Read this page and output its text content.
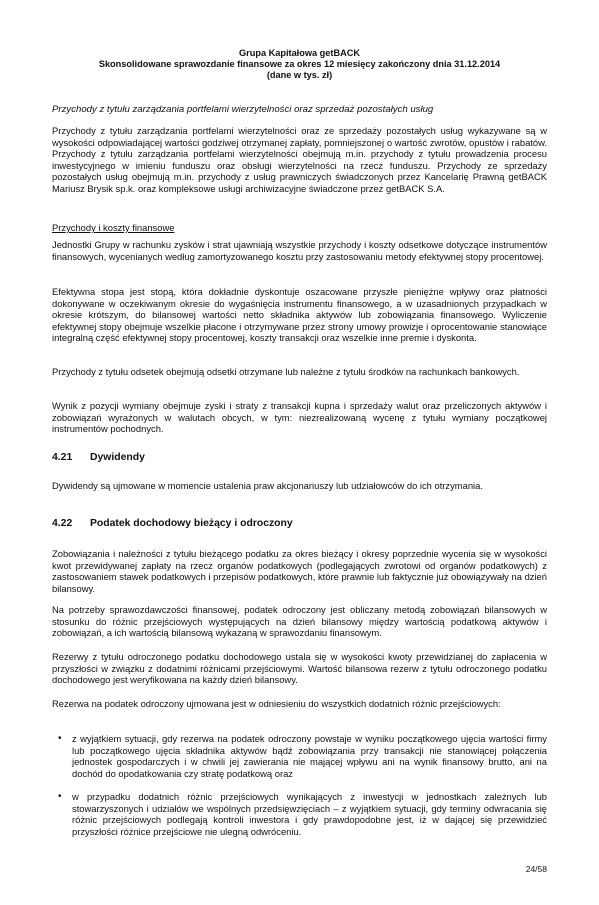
Grupa Kapitałowa getBACK
Skonsolidowane sprawozdanie finansowe za okres 12 miesięcy zakończony dnia 31.12.2014
(dane w tys. zł)
Przychody z tytułu zarządzania portfelami wierzytelności oraz sprzedaż pozostałych usług
Przychody z tytułu zarządzania portfelami wierzytelności oraz ze sprzedaży pozostałych usług wykazywane są w wysokości odpowiadającej wartości godziwej otrzymanej zapłaty, pomniejszonej o wartość zwrotów, opustów i rabatów. Przychody z tytułu zarządzania portfelami wierzytelności obejmują m.in. przychody z tytułu prowadzenia procesu inwestycyjnego w imieniu funduszu oraz obsługi wierzytelności na rzecz funduszu. Przychody ze sprzedaży pozostałych usług obejmują m.in. przychody z usług prawniczych świadczonych przez Kancelarię Prawną getBACK Mariusz Brysik sp.k. oraz kompleksowe usługi archiwizacyjne świadczone przez getBACK S.A.
Przychody i koszty finansowe
Jednostki Grupy w rachunku zysków i strat ujawniają wszystkie przychody i koszty odsetkowe dotyczące instrumentów finansowych, wycenianych według zamortyzowanego kosztu przy zastosowaniu metody efektywnej stopy procentowej.
Efektywna stopa jest stopą, która dokładnie dyskontuje oszacowane przyszłe pieniężne wpływy oraz płatności dokonywane w oczekiwanym okresie do wygaśnięcia instrumentu finansowego, a w uzasadnionych przypadkach w okresie krótszym, do bilansowej wartości netto składnika aktywów lub zobowiązania finansowego. Wyliczenie efektywnej stopy obejmuje wszelkie płacone i otrzymywane przez strony umowy prowizje i oprocentowanie stanowiące integralną część efektywnej stopy procentowej, koszty transakcji oraz wszelkie inne premie i dyskonta.
Przychody z tytułu odsetek obejmują odsetki otrzymane lub należne z tytułu środków na rachunkach bankowych.
Wynik z pozycji wymiany obejmuje zyski i straty z transakcji kupna i sprzedaży walut oraz przeliczonych aktywów i zobowiązań wyrażonych w walutach obcych, w tym: niezrealizowaną wycenę z tytułu wymiany początkowej instrumentów pochodnych.
4.21 Dywidendy
Dywidendy są ujmowane w momencie ustalenia praw akcjonariuszy lub udziałowców do ich otrzymania.
4.22 Podatek dochodowy bieżący i odroczony
Zobowiązania i należności z tytułu bieżącego podatku za okres bieżący i okresy poprzednie wycenia się w wysokości kwot przewidywanej zapłaty na rzecz organów podatkowych (podlegających zwrotowi od organów podatkowych) z zastosowaniem stawek podatkowych i przepisów podatkowych, które prawnie lub faktycznie już obowiązywały na dzień bilansowy.
Na potrzeby sprawozdawczości finansowej, podatek odroczony jest obliczany metodą zobowiązań bilansowych w stosunku do różnic przejściowych występujących na dzień bilansowy między wartością podatkową aktywów i zobowiązań, a ich wartością bilansową wykazaną w sprawozdaniu finansowym.
Rezerwy z tytułu odroczonego podatku dochodowego ustala się w wysokości kwoty przewidzianej do zapłacenia w przyszłości w związku z dodatnimi różnicami przejściowymi. Wartość bilansowa rezerw z tytułu odroczonego podatku dochodowego jest weryfikowana na każdy dzień bilansowy.
Rezerwa na podatek odroczony ujmowana jest w odniesieniu do wszystkich dodatnich różnic przejściowych:
• z wyjątkiem sytuacji, gdy rezerwa na podatek odroczony powstaje w wyniku początkowego ujęcia wartości firmy lub początkowego ujęcia składnika aktywów bądź zobowiązania przy transakcji nie stanowiącej połączenia jednostek gospodarczych i w chwili jej zawierania nie mającej wpływu ani na wynik finansowy brutto, ani na dochód do opodatkowania czy stratę podatkową oraz
• w przypadku dodatnich różnic przejściowych wynikających z inwestycji w jednostkach zależnych lub stowarzyszonych i udziałów we wspólnych przedsięwzięciach – z wyjątkiem sytuacji, gdy terminy odwracania się różnic przejściowych podlegają kontroli inwestora i gdy prawdopodobne jest, iż w dającej się przewidzieć przyszłości różnice przejściowe nie ulegną odwróceniu.
24/58
